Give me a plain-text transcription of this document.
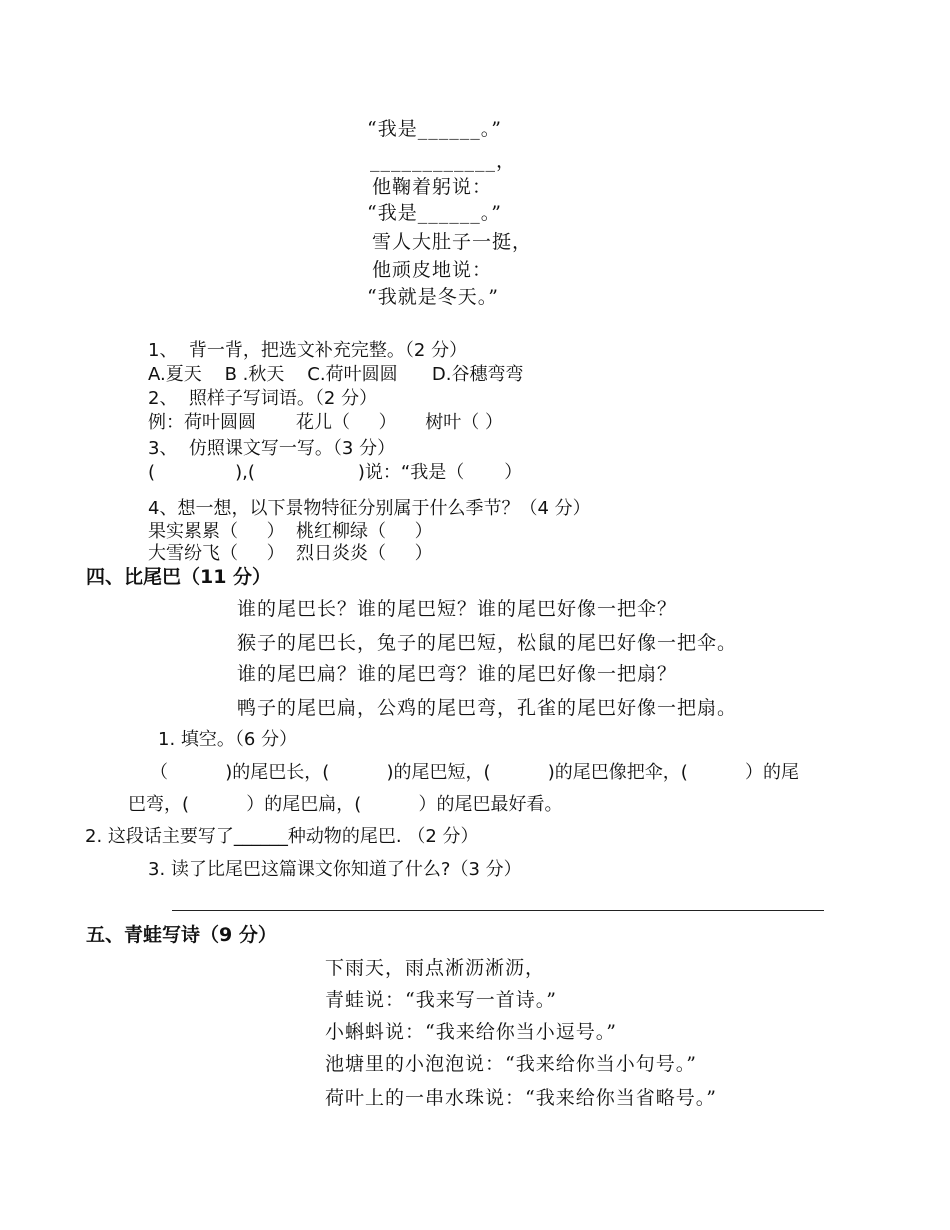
“我是______。”
____________，
他鞠着躬说：
“我是______。”
雪人大肚子一挺，
他顽皮地说：
“我就是冬天。”
1、  背一背，把选文补充完整。（2 分）
A.夏天    B .秋天    C.荷叶圆圆      D.谷穗弯弯
2、  照样子写词语。（2 分）
例：荷叶圆圆       花儿（     ）     树叶（ ）
3、  仿照课文写一写。（3 分）
(              ),(                  )说：“我是（       ）
4、想一想，以下景物特征分别属于什么季节？（4 分）
果实累累（     ）  桃红柳绿（     ）
大雪纷飞（     ）  烈日炎炎（     ）
四、比尾巴（11 分）
谁的尾巴长？谁的尾巴短？谁的尾巴好像一把伞？
猴子的尾巴长，兔子的尾巴短，松鼠的尾巴好像一把伞。
谁的尾巴扁？谁的尾巴弯？谁的尾巴好像一把扇？
鸭子的尾巴扁，公鸡的尾巴弯，孔雀的尾巴好像一把扇。
1. 填空。（6 分）
（          )的尾巴长，(          )的尾巴短，(          )的尾巴像把伞，(          ）的尾
巴弯，(          ）的尾巴扁，(          ）的尾巴最好看。
2. 这段话主要写了______种动物的尾巴. （2 分）
3. 读了比尾巴这篇课文你知道了什么?（3 分）
五、青蛙写诗（9 分）
下雨天，雨点淅沥淅沥，
青蛙说：“我来写一首诗。”
小蝌蚪说：“我来给你当小逗号。”
池塘里的小泡泡说：“我来给你当小句号。”
荷叶上的一串水珠说：“我来给你当省略号。”
